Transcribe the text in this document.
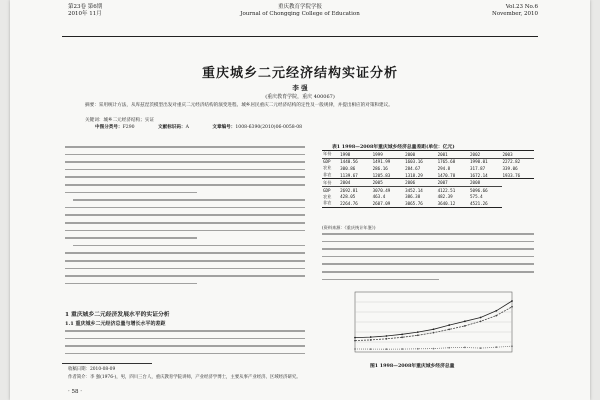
第23卷 第6期
2010年 11月
重庆教育学院学报
Journal of Chongqing College of Education
Vol.23 No.6
November, 2010
重庆城乡二元经济结构实证分析
李 强
(重庆教育学院，重庆 400067)

摘要：采用统计方法，从库兹涅茨模型出发对重庆二元经济结构的演变进程、城乡居民重庆二元经济结构的定性及一般规律，并提出相应的对策和建议。

关键词：城乡二元经济结构；实证
中图分类号：F290	文献标识码：A	文章编号：1008-6390(2010)06-0058-08
1 重庆城乡二元经济发展水平的实证分析
1.1 重庆城乡二元经济总量与增长水平的差距
表1 1998—2008年重庆城乡经济总量差距(单位：亿元)
年份	1998	1999	2000	2001	2002	2003
GDP	1440.56	1491.99	1603.16	1765.68	1990.01	2272.82
农业	300.86	286.16	284.67	294.8	317.87	339.06
非农	1139.67	1205.83	1318.29	1470.78	1672.14	1933.76
年份	2004	2005	2006	2007	2008	
GDP	2692.81	3070.49	3452.14	4122.51	5096.66	
农业	428.05	463.4	386.38	482.39	575.4	
非农	2264.76	2607.09	3065.76	3640.12	4521.26	
(资料来源：《重庆统计年鉴》)
图1 1998—2008年重庆城乡经济总量
收稿日期：2010-08-09
作者简介：李 强(1976-)，男，四川三台人，重庆教育学院讲师，产业经济学博士，主要从事产业经济、区域经济研究。
· 58 ·
